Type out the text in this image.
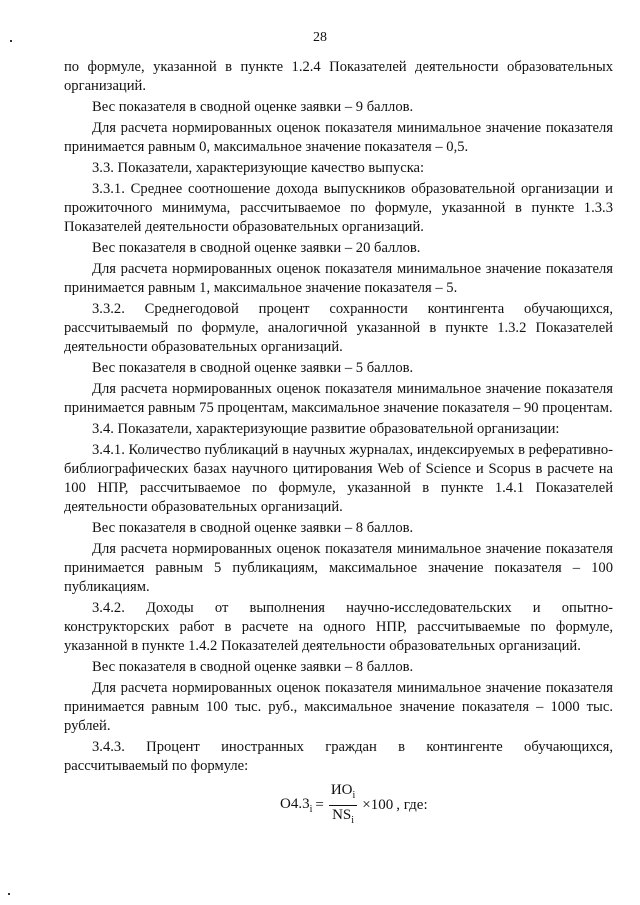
28

по формуле, указанной в пункте 1.2.4 Показателей деятельности образовательных организаций.

Вес показателя в сводной оценке заявки – 9 баллов.

Для расчета нормированных оценок показателя минимальное значение показателя принимается равным 0, максимальное значение показателя – 0,5.

3.3. Показатели, характеризующие качество выпуска:

3.3.1. Среднее соотношение дохода выпускников образовательной организации и прожиточного минимума, рассчитываемое по формуле, указанной в пункте 1.3.3 Показателей деятельности образовательных организаций.

Вес показателя в сводной оценке заявки – 20 баллов.

Для расчета нормированных оценок показателя минимальное значение показателя принимается равным 1, максимальное значение показателя – 5.

3.3.2. Среднегодовой процент сохранности контингента обучающихся, рассчитываемый по формуле, аналогичной указанной в пункте 1.3.2 Показателей деятельности образовательных организаций.

Вес показателя в сводной оценке заявки – 5 баллов.

Для расчета нормированных оценок показателя минимальное значение показателя принимается равным 75 процентам, максимальное значение показателя – 90 процентам.

3.4. Показатели, характеризующие развитие образовательной организации:

3.4.1. Количество публикаций в научных журналах, индексируемых в реферативно-библиографических базах научного цитирования Web of Science и Scopus в расчете на 100 НПР, рассчитываемое по формуле, указанной в пункте 1.4.1 Показателей деятельности образовательных организаций.

Вес показателя в сводной оценке заявки – 8 баллов.

Для расчета нормированных оценок показателя минимальное значение показателя принимается равным 5 публикациям, максимальное значение показателя – 100 публикациям.

3.4.2. Доходы от выполнения научно-исследовательских и опытно-конструкторских работ в расчете на одного НПР, рассчитываемые по формуле, указанной в пункте 1.4.2 Показателей деятельности образовательных организаций.

Вес показателя в сводной оценке заявки – 8 баллов.

Для расчета нормированных оценок показателя минимальное значение показателя принимается равным 100 тыс. руб., максимальное значение показателя – 1000 тыс. рублей.

3.4.3. Процент иностранных граждан в контингенте обучающихся, рассчитываемый по формуле:

$O4.3_i = \frac{ИО_i}{NS_i} \times 100$ , где:
